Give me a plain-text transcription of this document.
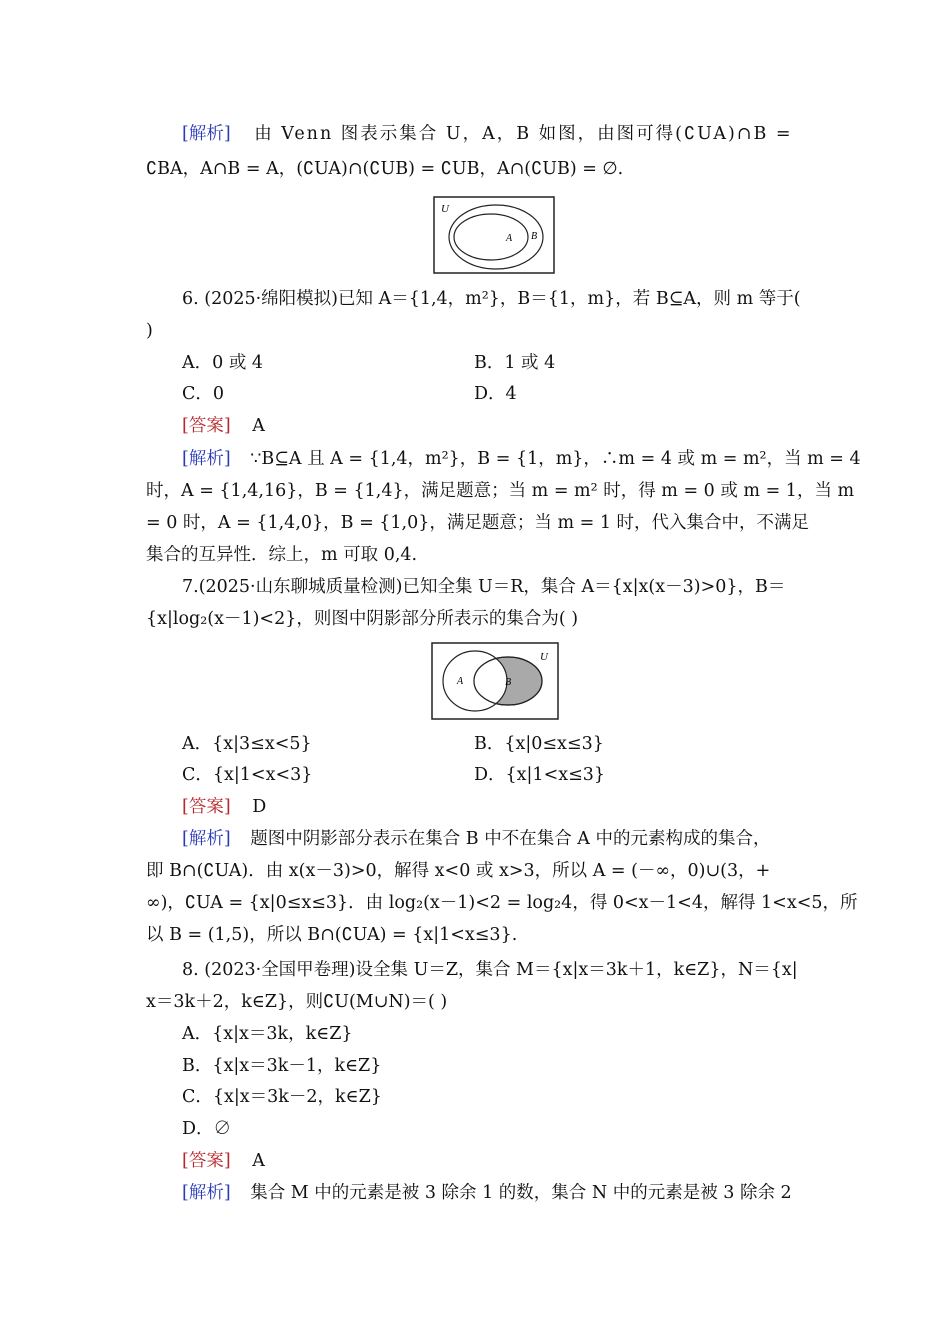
[解析] 由 Venn 图表示集合 U，A，B 如图，由图可得(∁UA)∩B =
∁BA，A∩B = A，(∁UA)∩(∁UB) = ∁UB，A∩(∁UB) = ∅.
U
A B
6. (2025·绵阳模拟)已知 A＝{1,4，m²}，B＝{1，m}，若 B⊆A，则 m 等于(
)
A．0 或 4	B．1 或 4
C．0	D．4
[答案] A
[解析] ∵B⊆A 且 A = {1,4，m²}，B = {1，m}，∴m = 4 或 m = m²，当 m = 4
时，A = {1,4,16}，B = {1,4}，满足题意；当 m = m² 时，得 m = 0 或 m = 1，当 m
= 0 时，A = {1,4,0}，B = {1,0}，满足题意；当 m = 1 时，代入集合中，不满足
集合的互异性．综上，m 可取 0,4.
7.(2025·山东聊城质量检测)已知全集 U＝R，集合 A＝{x|x(x－3)>0}，B＝
{x|log₂(x－1)<2}，则图中阴影部分所表示的集合为( )
U
A	B
A．{x|3≤x<5}	B．{x|0≤x≤3}
C．{x|1<x<3}	D．{x|1<x≤3}
[答案] D
[解析] 题图中阴影部分表示在集合 B 中不在集合 A 中的元素构成的集合，
即 B∩(∁UA)．由 x(x－3)>0，解得 x<0 或 x>3，所以 A = (－∞，0)∪(3，+
∞)，∁UA = {x|0≤x≤3}．由 log₂(x－1)<2 = log₂4，得 0<x－1<4，解得 1<x<5，所
以 B = (1,5)，所以 B∩(∁UA) = {x|1<x≤3}.
8. (2023·全国甲卷理)设全集 U＝Z，集合 M＝{x|x＝3k＋1，k∈Z}，N＝{x|
x＝3k＋2，k∈Z}，则∁U(M∪N)＝( )
A．{x|x＝3k，k∈Z}
B．{x|x＝3k－1，k∈Z}
C．{x|x＝3k－2，k∈Z}
D．∅
[答案] A
[解析] 集合 M 中的元素是被 3 除余 1 的数，集合 N 中的元素是被 3 除余 2
